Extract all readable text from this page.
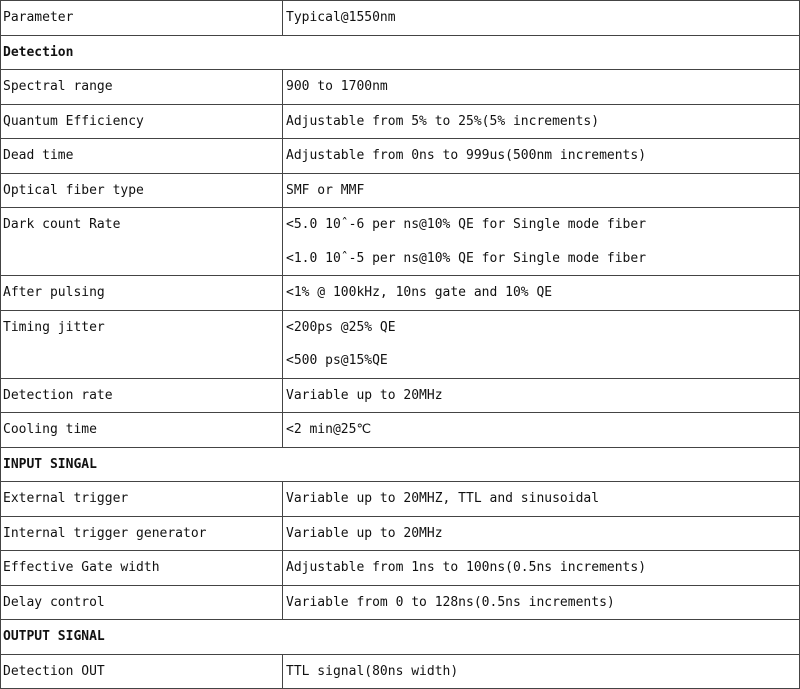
Parameter	Typical@1550nm
Detection	
Spectral range	900 to 1700nm
Quantum Efficiency	Adjustable from 5% to 25%(5% increments)
Dead time	Adjustable from 0ns to 999us(500nm increments)
Optical fiber type	SMF or MMF
Dark count Rate	<5.0 10ˆ-6 per ns@10% QE for Single mode fiber
	<1.0 10ˆ-5 per ns@10% QE for Single mode fiber
After pulsing	<1% @ 100kHz, 10ns gate and 10% QE
Timing jitter	<200ps @25% QE
	<500 ps@15%QE
Detection rate	Variable up to 20MHz
Cooling time	<2 min@25℃
INPUT SINGAL	
External trigger	Variable up to 20MHZ, TTL and sinusoidal
Internal trigger generator	Variable up to 20MHz
Effective Gate width	Adjustable from 1ns to 100ns(0.5ns increments)
Delay control	Variable from 0 to 128ns(0.5ns increments)
OUTPUT SIGNAL	
Detection OUT	TTL signal(80ns width)
